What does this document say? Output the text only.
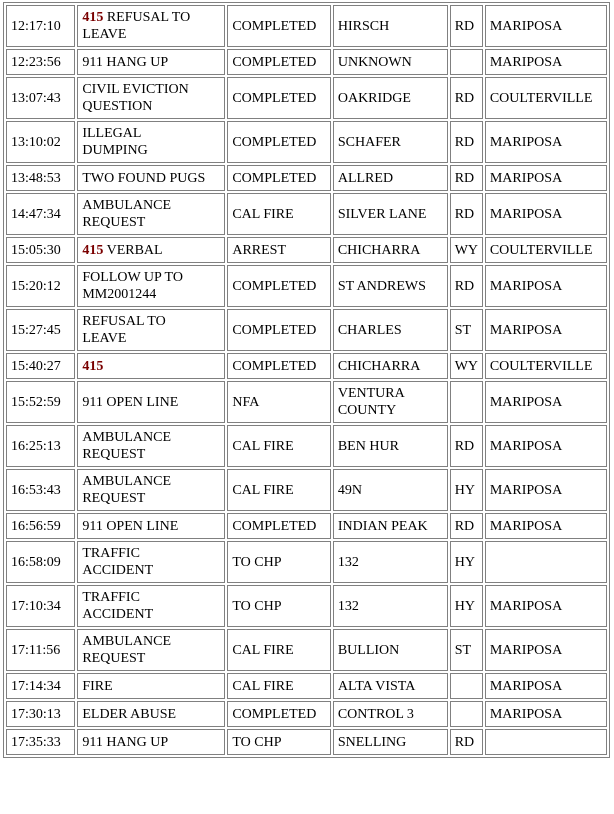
12:17:10	415 REFUSAL TO
LEAVE	COMPLETED	HIRSCH	RD	MARIPOSA
12:23:56	911 HANG UP	COMPLETED	UNKNOWN		MARIPOSA
13:07:43	CIVIL EVICTION
QUESTION	COMPLETED	OAKRIDGE	RD	COULTERVILLE
13:10:02	ILLEGAL
DUMPING	COMPLETED	SCHAFER	RD	MARIPOSA
13:48:53	TWO FOUND PUGS	COMPLETED	ALLRED	RD	MARIPOSA
14:47:34	AMBULANCE
REQUEST	CAL FIRE	SILVER LANE	RD	MARIPOSA
15:05:30	415 VERBAL	ARREST	CHICHARRA	WY	COULTERVILLE
15:20:12	FOLLOW UP TO
MM2001244	COMPLETED	ST ANDREWS	RD	MARIPOSA
15:27:45	REFUSAL TO
LEAVE	COMPLETED	CHARLES	ST	MARIPOSA
15:40:27	415	COMPLETED	CHICHARRA	WY	COULTERVILLE
15:52:59	911 OPEN LINE	NFA	VENTURA
COUNTY		MARIPOSA
16:25:13	AMBULANCE
REQUEST	CAL FIRE	BEN HUR	RD	MARIPOSA
16:53:43	AMBULANCE
REQUEST	CAL FIRE	49N	HY	MARIPOSA
16:56:59	911 OPEN LINE	COMPLETED	INDIAN PEAK	RD	MARIPOSA
16:58:09	TRAFFIC
ACCIDENT	TO CHP	132	HY	
17:10:34	TRAFFIC
ACCIDENT	TO CHP	132	HY	MARIPOSA
17:11:56	AMBULANCE
REQUEST	CAL FIRE	BULLION	ST	MARIPOSA
17:14:34	FIRE	CAL FIRE	ALTA VISTA		MARIPOSA
17:30:13	ELDER ABUSE	COMPLETED	CONTROL 3		MARIPOSA
17:35:33	911 HANG UP	TO CHP	SNELLING	RD	
